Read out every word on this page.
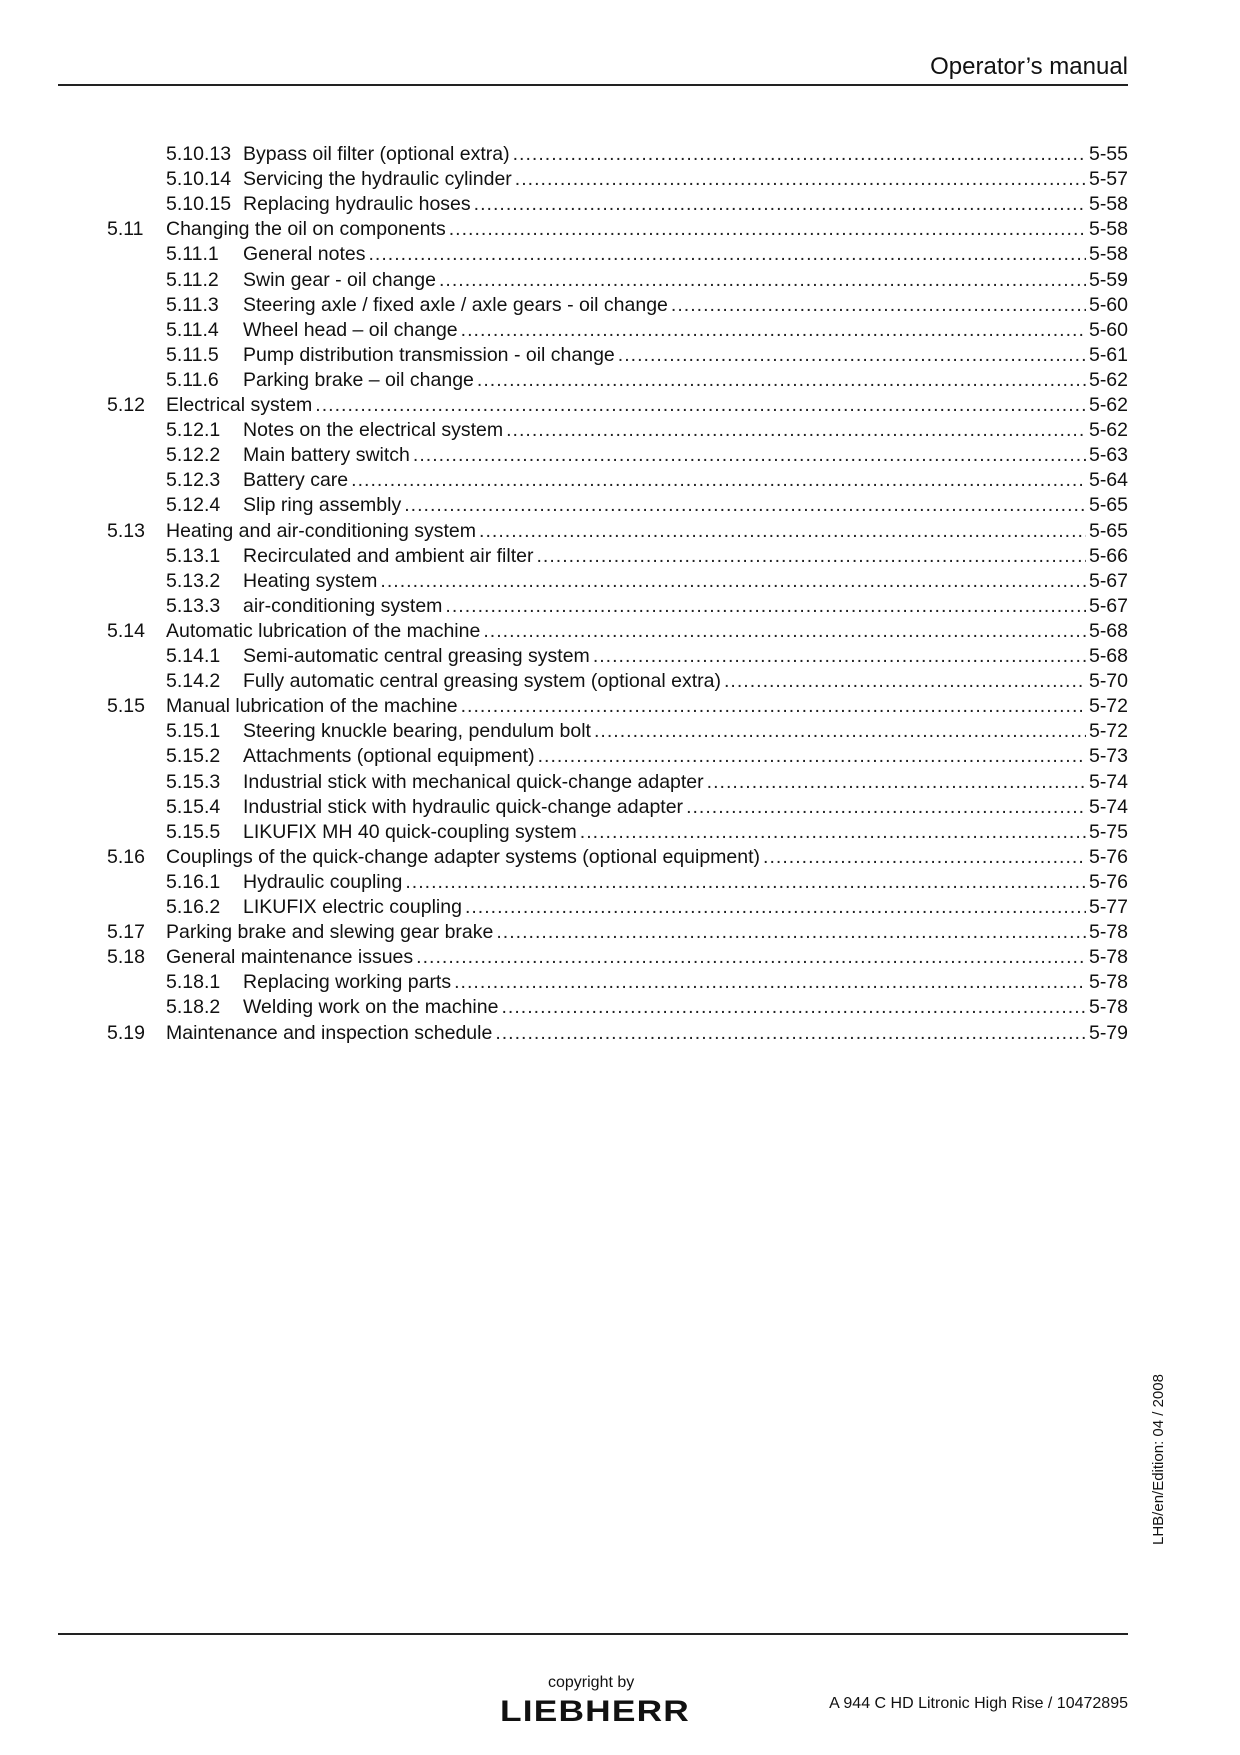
Operator’s manual
5.10.13 Bypass oil filter (optional extra) . . .	5-55
5.10.14 Servicing the hydraulic cylinder . . .	5-57
5.10.15 Replacing hydraulic hoses . . .	5-58
5.11 Changing the oil on components . . .	5-58
5.11.1 General notes . . .	5-58
5.11.2 Swin gear - oil change . . .	5-59
5.11.3 Steering axle / fixed axle / axle gears - oil change . . .	5-60
5.11.4 Wheel head – oil change . . .	5-60
5.11.5 Pump distribution transmission - oil change . . .	5-61
5.11.6 Parking brake – oil change . . .	5-62
5.12 Electrical system . . .	5-62
5.12.1 Notes on the electrical system . . .	5-62
5.12.2 Main battery switch . . .	5-63
5.12.3 Battery care . . .	5-64
5.12.4 Slip ring assembly . . .	5-65
5.13 Heating and air-conditioning system . . .	5-65
5.13.1 Recirculated and ambient air filter . . .	5-66
5.13.2 Heating system . . .	5-67
5.13.3 air-conditioning system . . .	5-67
5.14 Automatic lubrication of the machine . . .	5-68
5.14.1 Semi-automatic central greasing system . . .	5-68
5.14.2 Fully automatic central greasing system (optional extra) . . .	5-70
5.15 Manual lubrication of the machine . . .	5-72
5.15.1 Steering knuckle bearing, pendulum bolt . . .	5-72
5.15.2 Attachments (optional equipment) . . .	5-73
5.15.3 Industrial stick with mechanical quick-change adapter . . .	5-74
5.15.4 Industrial stick with hydraulic quick-change adapter . . .	5-74
5.15.5 LIKUFIX MH 40 quick-coupling system . . .	5-75
5.16 Couplings of the quick-change adapter systems (optional equipment) . . .	5-76
5.16.1 Hydraulic coupling . . .	5-76
5.16.2 LIKUFIX electric coupling . . .	5-77
5.17 Parking brake and slewing gear brake . . .	5-78
5.18 General maintenance issues . . .	5-78
5.18.1 Replacing working parts . . .	5-78
5.18.2 Welding work on the machine . . .	5-78
5.19 Maintenance and inspection schedule . . .	5-79
LHB/en/Edition: 04 / 2008
copyright by
LIEBHERR	A 944 C HD Litronic High Rise / 10472895
